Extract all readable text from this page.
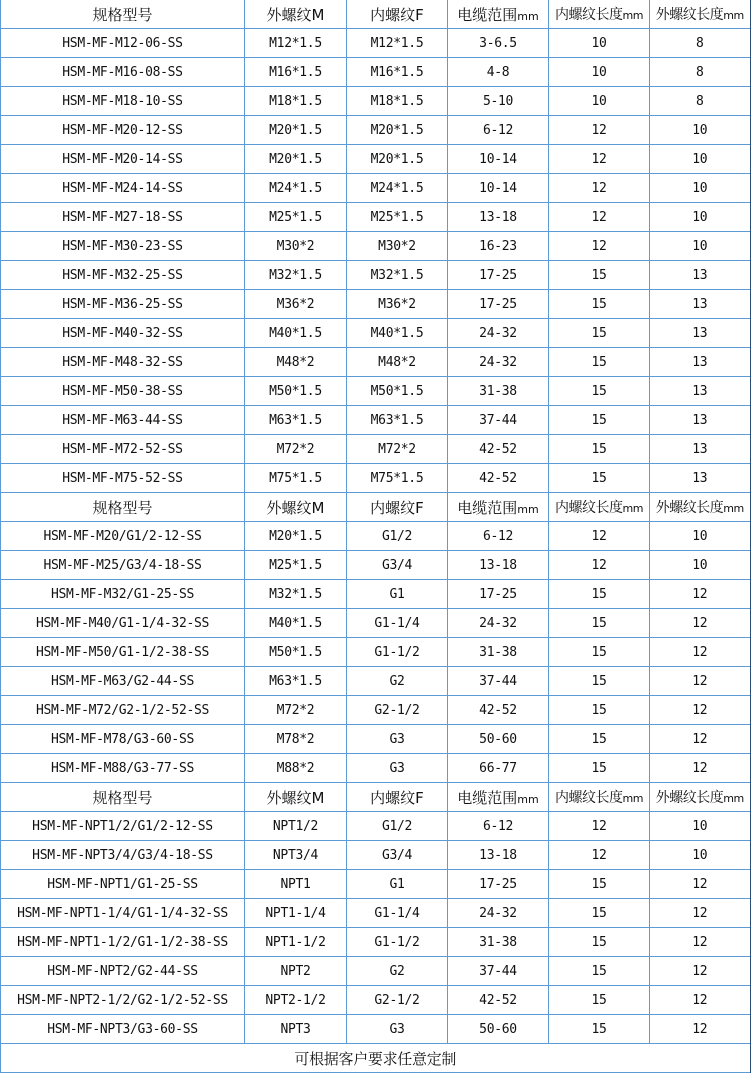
规格型号	外螺纹M	内螺纹F	电缆范围mm	内螺纹长度mm	外螺纹长度mm
HSM-MF-M12-06-SS	M12*1.5	M12*1.5	3-6.5	10	8
HSM-MF-M16-08-SS	M16*1.5	M16*1.5	4-8	10	8
HSM-MF-M18-10-SS	M18*1.5	M18*1.5	5-10	10	8
HSM-MF-M20-12-SS	M20*1.5	M20*1.5	6-12	12	10
HSM-MF-M20-14-SS	M20*1.5	M20*1.5	10-14	12	10
HSM-MF-M24-14-SS	M24*1.5	M24*1.5	10-14	12	10
HSM-MF-M27-18-SS	M25*1.5	M25*1.5	13-18	12	10
HSM-MF-M30-23-SS	M30*2	M30*2	16-23	12	10
HSM-MF-M32-25-SS	M32*1.5	M32*1.5	17-25	15	13
HSM-MF-M36-25-SS	M36*2	M36*2	17-25	15	13
HSM-MF-M40-32-SS	M40*1.5	M40*1.5	24-32	15	13
HSM-MF-M48-32-SS	M48*2	M48*2	24-32	15	13
HSM-MF-M50-38-SS	M50*1.5	M50*1.5	31-38	15	13
HSM-MF-M63-44-SS	M63*1.5	M63*1.5	37-44	15	13
HSM-MF-M72-52-SS	M72*2	M72*2	42-52	15	13
HSM-MF-M75-52-SS	M75*1.5	M75*1.5	42-52	15	13
规格型号	外螺纹M	内螺纹F	电缆范围mm	内螺纹长度mm	外螺纹长度mm
HSM-MF-M20/G1/2-12-SS	M20*1.5	G1/2	6-12	12	10
HSM-MF-M25/G3/4-18-SS	M25*1.5	G3/4	13-18	12	10
HSM-MF-M32/G1-25-SS	M32*1.5	G1	17-25	15	12
HSM-MF-M40/G1-1/4-32-SS	M40*1.5	G1-1/4	24-32	15	12
HSM-MF-M50/G1-1/2-38-SS	M50*1.5	G1-1/2	31-38	15	12
HSM-MF-M63/G2-44-SS	M63*1.5	G2	37-44	15	12
HSM-MF-M72/G2-1/2-52-SS	M72*2	G2-1/2	42-52	15	12
HSM-MF-M78/G3-60-SS	M78*2	G3	50-60	15	12
HSM-MF-M88/G3-77-SS	M88*2	G3	66-77	15	12
规格型号	外螺纹M	内螺纹F	电缆范围mm	内螺纹长度mm	外螺纹长度mm
HSM-MF-NPT1/2/G1/2-12-SS	NPT1/2	G1/2	6-12	12	10
HSM-MF-NPT3/4/G3/4-18-SS	NPT3/4	G3/4	13-18	12	10
HSM-MF-NPT1/G1-25-SS	NPT1	G1	17-25	15	12
HSM-MF-NPT1-1/4/G1-1/4-32-SS	NPT1-1/4	G1-1/4	24-32	15	12
HSM-MF-NPT1-1/2/G1-1/2-38-SS	NPT1-1/2	G1-1/2	31-38	15	12
HSM-MF-NPT2/G2-44-SS	NPT2	G2	37-44	15	12
HSM-MF-NPT2-1/2/G2-1/2-52-SS	NPT2-1/2	G2-1/2	42-52	15	12
HSM-MF-NPT3/G3-60-SS	NPT3	G3	50-60	15	12
可根据客户要求任意定制					
